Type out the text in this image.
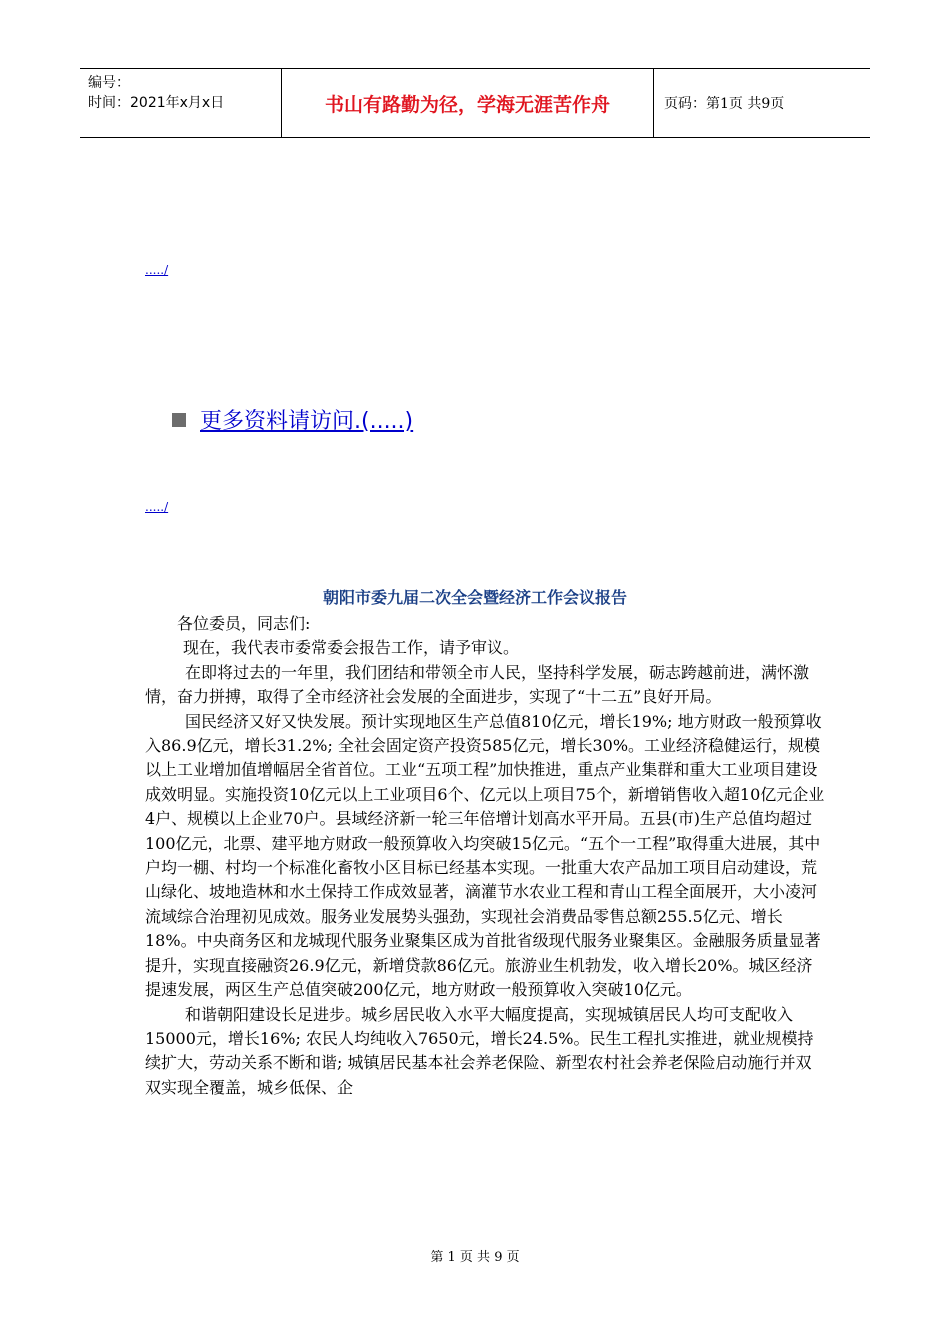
编号：
时间：2021年x月x日	书山有路勤为径，学海无涯苦作舟	页码：第1页 共9页
...../
更多资料请访问.(.....)
...../
朝阳市委九届二次全会暨经济工作会议报告

各位委员，同志们:

现在，我代表市委常委会报告工作，请予审议。

在即将过去的一年里，我们团结和带领全市人民，坚持科学发展，砺志跨越前进，满怀激情，奋力拼搏，取得了全市经济社会发展的全面进步，实现了“十二五”良好开局。

国民经济又好又快发展。预计实现地区生产总值810亿元，增长19%; 地方财政一般预算收入86.9亿元，增长31.2%; 全社会固定资产投资585亿元，增长30%。工业经济稳健运行，规模以上工业增加值增幅居全省首位。工业“五项工程”加快推进，重点产业集群和重大工业项目建设成效明显。实施投资10亿元以上工业项目6个、亿元以上项目75个，新增销售收入超10亿元企业4户、规模以上企业70户。县域经济新一轮三年倍增计划高水平开局。五县(市)生产总值均超过100亿元，北票、建平地方财政一般预算收入均突破15亿元。“五个一工程”取得重大进展，其中户均一棚、村均一个标准化畜牧小区目标已经基本实现。一批重大农产品加工项目启动建设，荒山绿化、坡地造林和水土保持工作成效显著，滴灌节水农业工程和青山工程全面展开，大小凌河流域综合治理初见成效。服务业发展势头强劲，实现社会消费品零售总额255.5亿元、增长18%。中央商务区和龙城现代服务业聚集区成为首批省级现代服务业聚集区。金融服务质量显著提升，实现直接融资26.9亿元，新增贷款86亿元。旅游业生机勃发，收入增长20%。城区经济提速发展，两区生产总值突破200亿元，地方财政一般预算收入突破10亿元。

和谐朝阳建设长足进步。城乡居民收入水平大幅度提高，实现城镇居民人均可支配收入15000元，增长16%; 农民人均纯收入7650元，增长24.5%。民生工程扎实推进，就业规模持续扩大，劳动关系不断和谐; 城镇居民基本社会养老保险、新型农村社会养老保险启动施行并双双实现全覆盖，城乡低保、企

第 1 页 共 9 页
